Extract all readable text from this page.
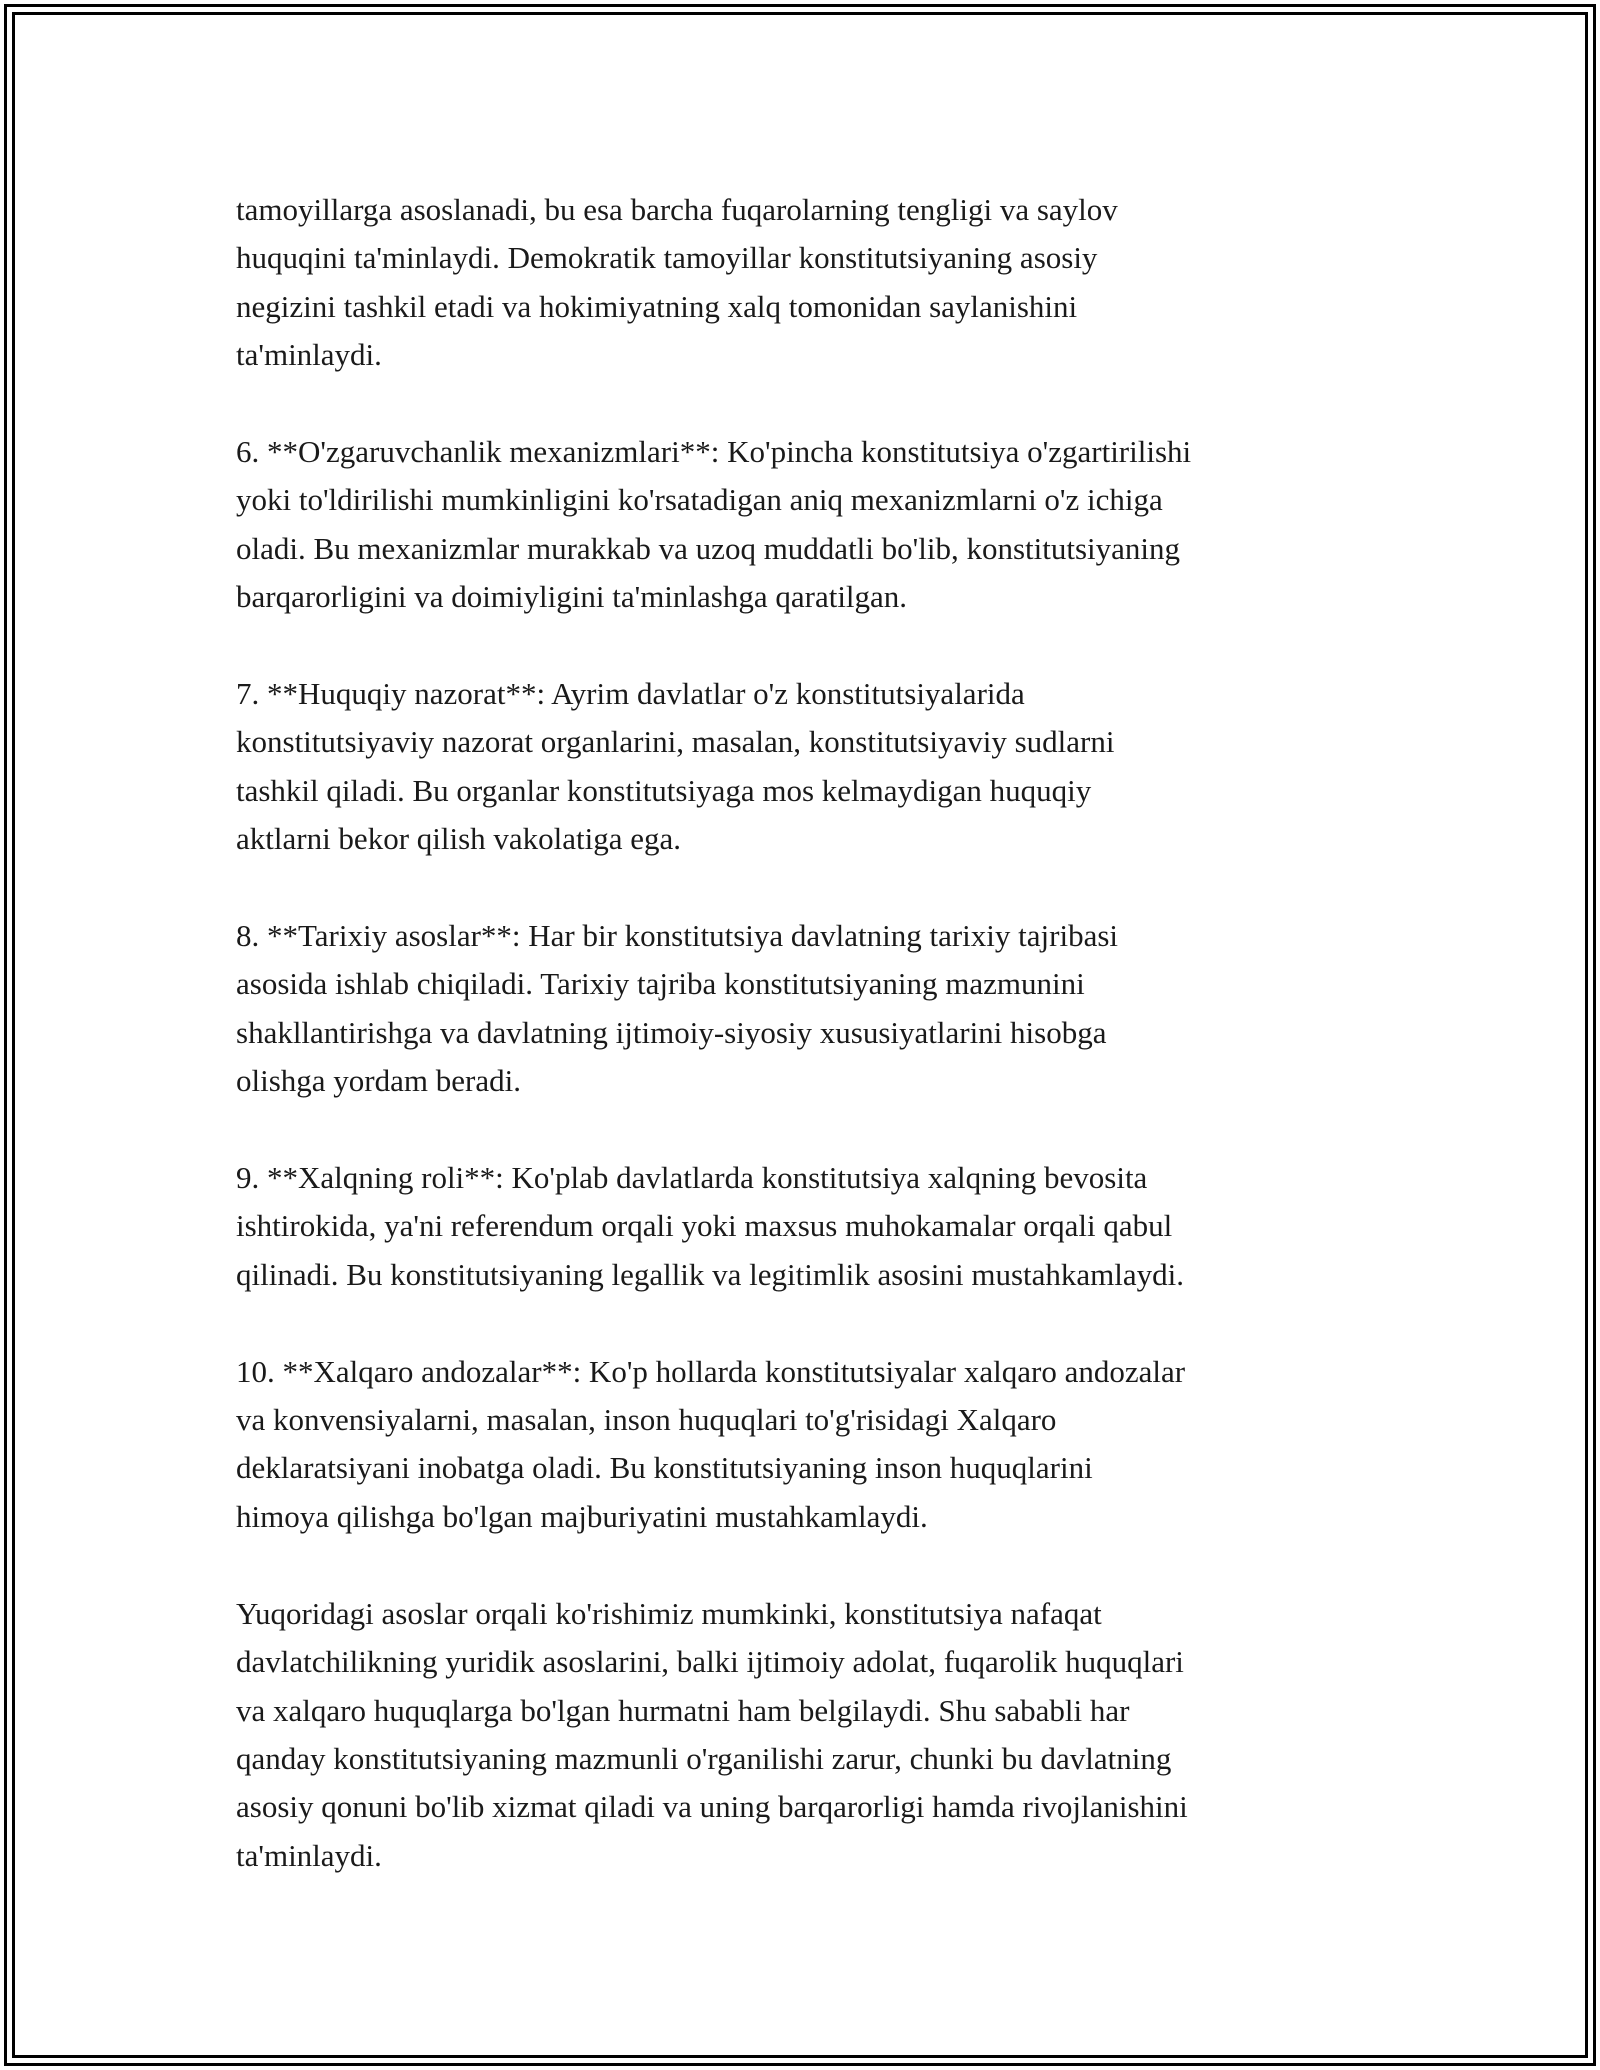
tamoyillarga asoslanadi, bu esa barcha fuqarolarning tengligi va saylov
huquqini ta'minlaydi. Demokratik tamoyillar konstitutsiyaning asosiy
negizini tashkil etadi va hokimiyatning xalq tomonidan saylanishini
ta'minlaydi.

6. **O'zgaruvchanlik mexanizmlari**: Ko'pincha konstitutsiya o'zgartirilishi
yoki to'ldirilishi mumkinligini ko'rsatadigan aniq mexanizmlarni o'z ichiga
oladi. Bu mexanizmlar murakkab va uzoq muddatli bo'lib, konstitutsiyaning
barqarorligini va doimiyligini ta'minlashga qaratilgan.

7. **Huquqiy nazorat**: Ayrim davlatlar o'z konstitutsiyalarida
konstitutsiyaviy nazorat organlarini, masalan, konstitutsiyaviy sudlarni
tashkil qiladi. Bu organlar konstitutsiyaga mos kelmaydigan huquqiy
aktlarni bekor qilish vakolatiga ega.

8. **Tarixiy asoslar**: Har bir konstitutsiya davlatning tarixiy tajribasi
asosida ishlab chiqiladi. Tarixiy tajriba konstitutsiyaning mazmunini
shakllantirishga va davlatning ijtimoiy-siyosiy xususiyatlarini hisobga
olishga yordam beradi.

9. **Xalqning roli**: Ko'plab davlatlarda konstitutsiya xalqning bevosita
ishtirokida, ya'ni referendum orqali yoki maxsus muhokamalar orqali qabul
qilinadi. Bu konstitutsiyaning legallik va legitimlik asosini mustahkamlaydi.

10. **Xalqaro andozalar**: Ko'p hollarda konstitutsiyalar xalqaro andozalar
va konvensiyalarni, masalan, inson huquqlari to'g'risidagi Xalqaro
deklaratsiyani inobatga oladi. Bu konstitutsiyaning inson huquqlarini
himoya qilishga bo'lgan majburiyatini mustahkamlaydi.

Yuqoridagi asoslar orqali ko'rishimiz mumkinki, konstitutsiya nafaqat
davlatchilikning yuridik asoslarini, balki ijtimoiy adolat, fuqarolik huquqlari
va xalqaro huquqlarga bo'lgan hurmatni ham belgilaydi. Shu sababli har
qanday konstitutsiyaning mazmunli o'rganilishi zarur, chunki bu davlatning
asosiy qonuni bo'lib xizmat qiladi va uning barqarorligi hamda rivojlanishini
ta'minlaydi.
